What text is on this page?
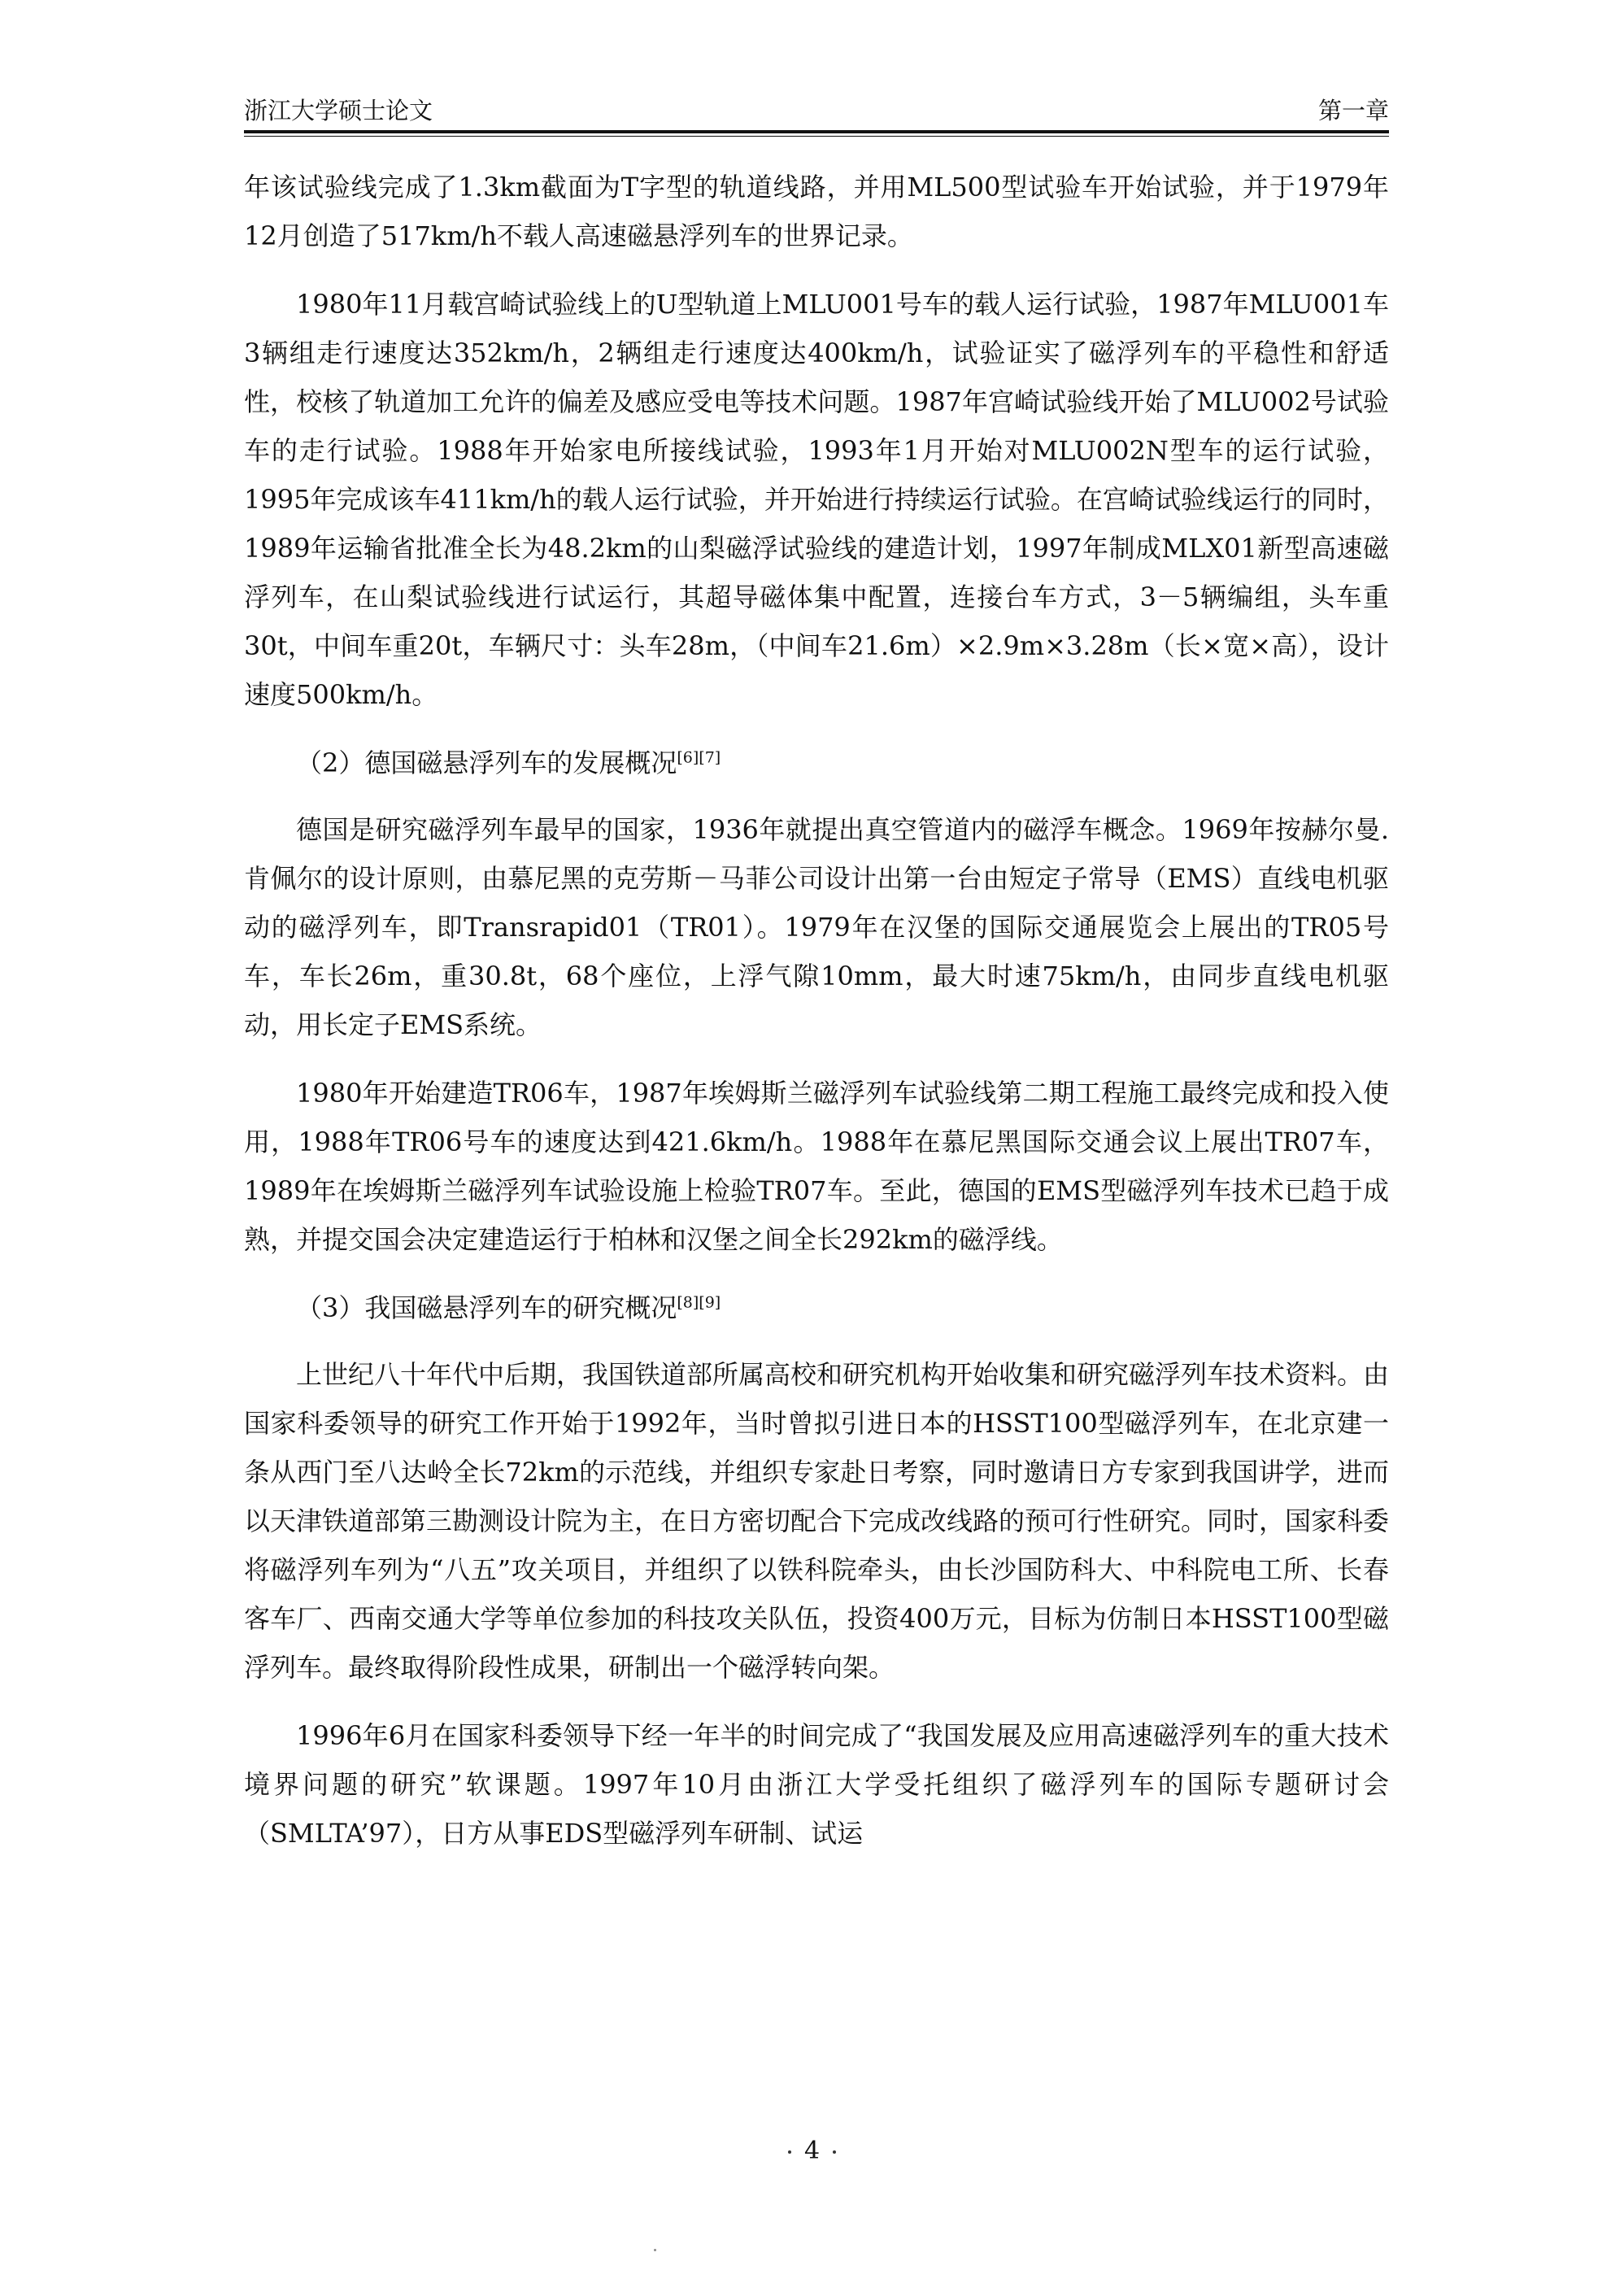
浙江大学硕士论文	第一章

年该试验线完成了1.3km截面为T字型的轨道线路，并用ML500型试验车开始试验，并于1979年12月创造了517km/h不载人高速磁悬浮列车的世界记录。

1980年11月载宫崎试验线上的U型轨道上MLU001号车的载人运行试验，1987年MLU001车3辆组走行速度达352km/h，2辆组走行速度达400km/h，试验证实了磁浮列车的平稳性和舒适性，校核了轨道加工允许的偏差及感应受电等技术问题。1987年宫崎试验线开始了MLU002号试验车的走行试验。1988年开始家电所接线试验，1993年1月开始对MLU002N型车的运行试验，1995年完成该车411km/h的载人运行试验，并开始进行持续运行试验。在宫崎试验线运行的同时，1989年运输省批准全长为48.2km的山梨磁浮试验线的建造计划，1997年制成MLX01新型高速磁浮列车，在山梨试验线进行试运行，其超导磁体集中配置，连接台车方式，3－5辆编组，头车重30t，中间车重20t，车辆尺寸：头车28m，（中间车21.6m）×2.9m×3.28m（长×宽×高），设计速度500km/h。

（2）德国磁悬浮列车的发展概况[6][7]

德国是研究磁浮列车最早的国家，1936年就提出真空管道内的磁浮车概念。1969年按赫尔曼.肯佩尔的设计原则，由慕尼黑的克劳斯－马菲公司设计出第一台由短定子常导（EMS）直线电机驱动的磁浮列车，即Transrapid01（TR01）。1979年在汉堡的国际交通展览会上展出的TR05号车，车长26m，重30.8t，68个座位，上浮气隙10mm，最大时速75km/h，由同步直线电机驱动，用长定子EMS系统。

1980年开始建造TR06车，1987年埃姆斯兰磁浮列车试验线第二期工程施工最终完成和投入使用，1988年TR06号车的速度达到421.6km/h。1988年在慕尼黑国际交通会议上展出TR07车，1989年在埃姆斯兰磁浮列车试验设施上检验TR07车。至此，德国的EMS型磁浮列车技术已趋于成熟，并提交国会决定建造运行于柏林和汉堡之间全长292km的磁浮线。

（3）我国磁悬浮列车的研究概况[8][9]

上世纪八十年代中后期，我国铁道部所属高校和研究机构开始收集和研究磁浮列车技术资料。由国家科委领导的研究工作开始于1992年，当时曾拟引进日本的HSST100型磁浮列车，在北京建一条从西门至八达岭全长72km的示范线，并组织专家赴日考察，同时邀请日方专家到我国讲学，进而以天津铁道部第三勘测设计院为主，在日方密切配合下完成改线路的预可行性研究。同时，国家科委将磁浮列车列为“八五”攻关项目，并组织了以铁科院牵头，由长沙国防科大、中科院电工所、长春客车厂、西南交通大学等单位参加的科技攻关队伍，投资400万元，目标为仿制日本HSST100型磁浮列车。最终取得阶段性成果，研制出一个磁浮转向架。

1996年6月在国家科委领导下经一年半的时间完成了“我国发展及应用高速磁浮列车的重大技术境界问题的研究”软课题。1997年10月由浙江大学受托组织了磁浮列车的国际专题研讨会（SMLTA’97），日方从事EDS型磁浮列车研制、试运

4
